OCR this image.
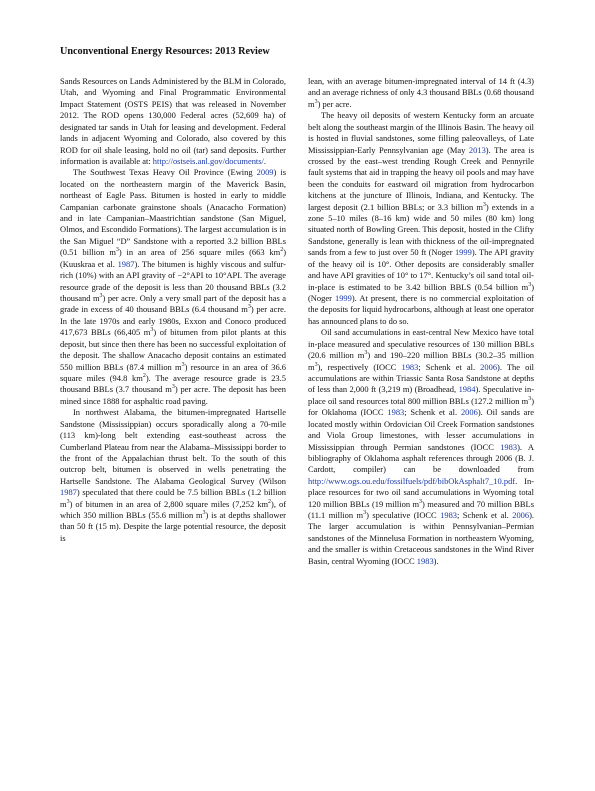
Unconventional Energy Resources: 2013 Review

Sands Resources on Lands Administered by the BLM in Colorado, Utah, and Wyoming and Final Programmatic Environmental Impact Statement (OSTS PEIS) that was released in November 2012. The ROD opens 130,000 Federal acres (52,609 ha) of designated tar sands in Utah for leasing and development. Federal lands in adjacent Wyoming and Colorado, also covered by this ROD for oil shale leasing, hold no oil (tar) sand deposits. Further information is available at: http://ostseis.anl.gov/documents/.

The Southwest Texas Heavy Oil Province (Ewing 2009) is located on the northeastern margin of the Maverick Basin, northeast of Eagle Pass. Bitumen is hosted in early to middle Campanian carbonate grainstone shoals (Anacacho Formation) and in late Campanian–Maastrichtian sandstone (San Miguel, Olmos, and Escondido Formations). The largest accumulation is in the San Miguel “D” Sandstone with a reported 3.2 billion BBLs (0.51 billion $m^3$) in an area of 256 square miles (663 $km^2$) (Kuuskraa et al. 1987). The bitumen is highly viscous and sulfur-rich (10%) with an API gravity of −2°API to 10°API. The average resource grade of the deposit is less than 20 thousand BBLs (3.2 thousand $m^3$) per acre. Only a very small part of the deposit has a grade in excess of 40 thousand BBLs (6.4 thousand $m^3$) per acre. In the late 1970s and early 1980s, Exxon and Conoco produced 417,673 BBLs (66,405 $m^3$) of bitumen from pilot plants at this deposit, but since then there has been no successful exploitation of the deposit. The shallow Anacacho deposit contains an estimated 550 million BBLs (87.4 million $m^3$) resource in an area of 36.6 square miles (94.8 $km^2$). The average resource grade is 23.5 thousand BBLs (3.7 thousand $m^3$) per acre. The deposit has been mined since 1888 for asphaltic road paving.

In northwest Alabama, the bitumen-impregnated Hartselle Sandstone (Mississippian) occurs sporadically along a 70-mile (113 km)-long belt extending east-southeast across the Cumberland Plateau from near the Alabama–Mississippi border to the front of the Appalachian thrust belt. To the south of this outcrop belt, bitumen is observed in wells penetrating the Hartselle Sandstone. The Alabama Geological Survey (Wilson 1987) speculated that there could be 7.5 billion BBLs (1.2 billion $m^3$) of bitumen in an area of 2,800 square miles (7,252 $km^2$), of which 350 million BBLs (55.6 million $m^3$) is at depths shallower than 50 ft (15 m). Despite the large potential resource, the deposit is

lean, with an average bitumen-impregnated interval of 14 ft (4.3) and an average richness of only 4.3 thousand BBLs (0.68 thousand $m^3$) per acre.

The heavy oil deposits of western Kentucky form an arcuate belt along the southeast margin of the Illinois Basin. The heavy oil is hosted in fluvial sandstones, some filling paleovalleys, of Late Mississippian-Early Pennsylvanian age (May 2013). The area is crossed by the east–west trending Rough Creek and Pennyrile fault systems that aid in trapping the heavy oil pools and may have been the conduits for eastward oil migration from hydrocarbon kitchens at the juncture of Illinois, Indiana, and Kentucky. The largest deposit (2.1 billion BBLs; or 3.3 billion $m^3$) extends in a zone 5–10 miles (8–16 km) wide and 50 miles (80 km) long situated north of Bowling Green. This deposit, hosted in the Clifty Sandstone, generally is lean with thickness of the oil-impregnated sands from a few to just over 50 ft (Noger 1999). The API gravity of the heavy oil is 10°. Other deposits are considerably smaller and have API gravities of 10° to 17°. Kentucky’s oil sand total oil-in-place is estimated to be 3.42 billion BBLS (0.54 billion $m^3$) (Noger 1999). At present, there is no commercial exploitation of the deposits for liquid hydrocarbons, although at least one operator has announced plans to do so.

Oil sand accumulations in east-central New Mexico have total in-place measured and speculative resources of 130 million BBLs (20.6 million $m^3$) and 190–220 million BBLs (30.2–35 million $m^3$), respectively (IOCC 1983; Schenk et al. 2006). The oil accumulations are within Triassic Santa Rosa Sandstone at depths of less than 2,000 ft (3,219 m) (Broadhead, 1984). Speculative in-place oil sand resources total 800 million BBLs (127.2 million $m^3$) for Oklahoma (IOCC 1983; Schenk et al. 2006). Oil sands are located mostly within Ordovician Oil Creek Formation sandstones and Viola Group limestones, with lesser accumulations in Mississippian through Permian sandstones (IOCC 1983). A bibliography of Oklahoma asphalt references through 2006 (B. J. Cardott, compiler) can be downloaded from http://www.ogs.ou.edu/fossilfuels/pdf/bibOkAsphalt7_10.pdf. In-place resources for two oil sand accumulations in Wyoming total 120 million BBLs (19 million $m^3$) measured and 70 million BBLs (11.1 million $m^3$) speculative (IOCC 1983; Schenk et al. 2006). The larger accumulation is within Pennsylvanian–Permian sandstones of the Minnelusa Formation in northeastern Wyoming, and the smaller is within Cretaceous sandstones in the Wind River Basin, central Wyoming (IOCC 1983).
